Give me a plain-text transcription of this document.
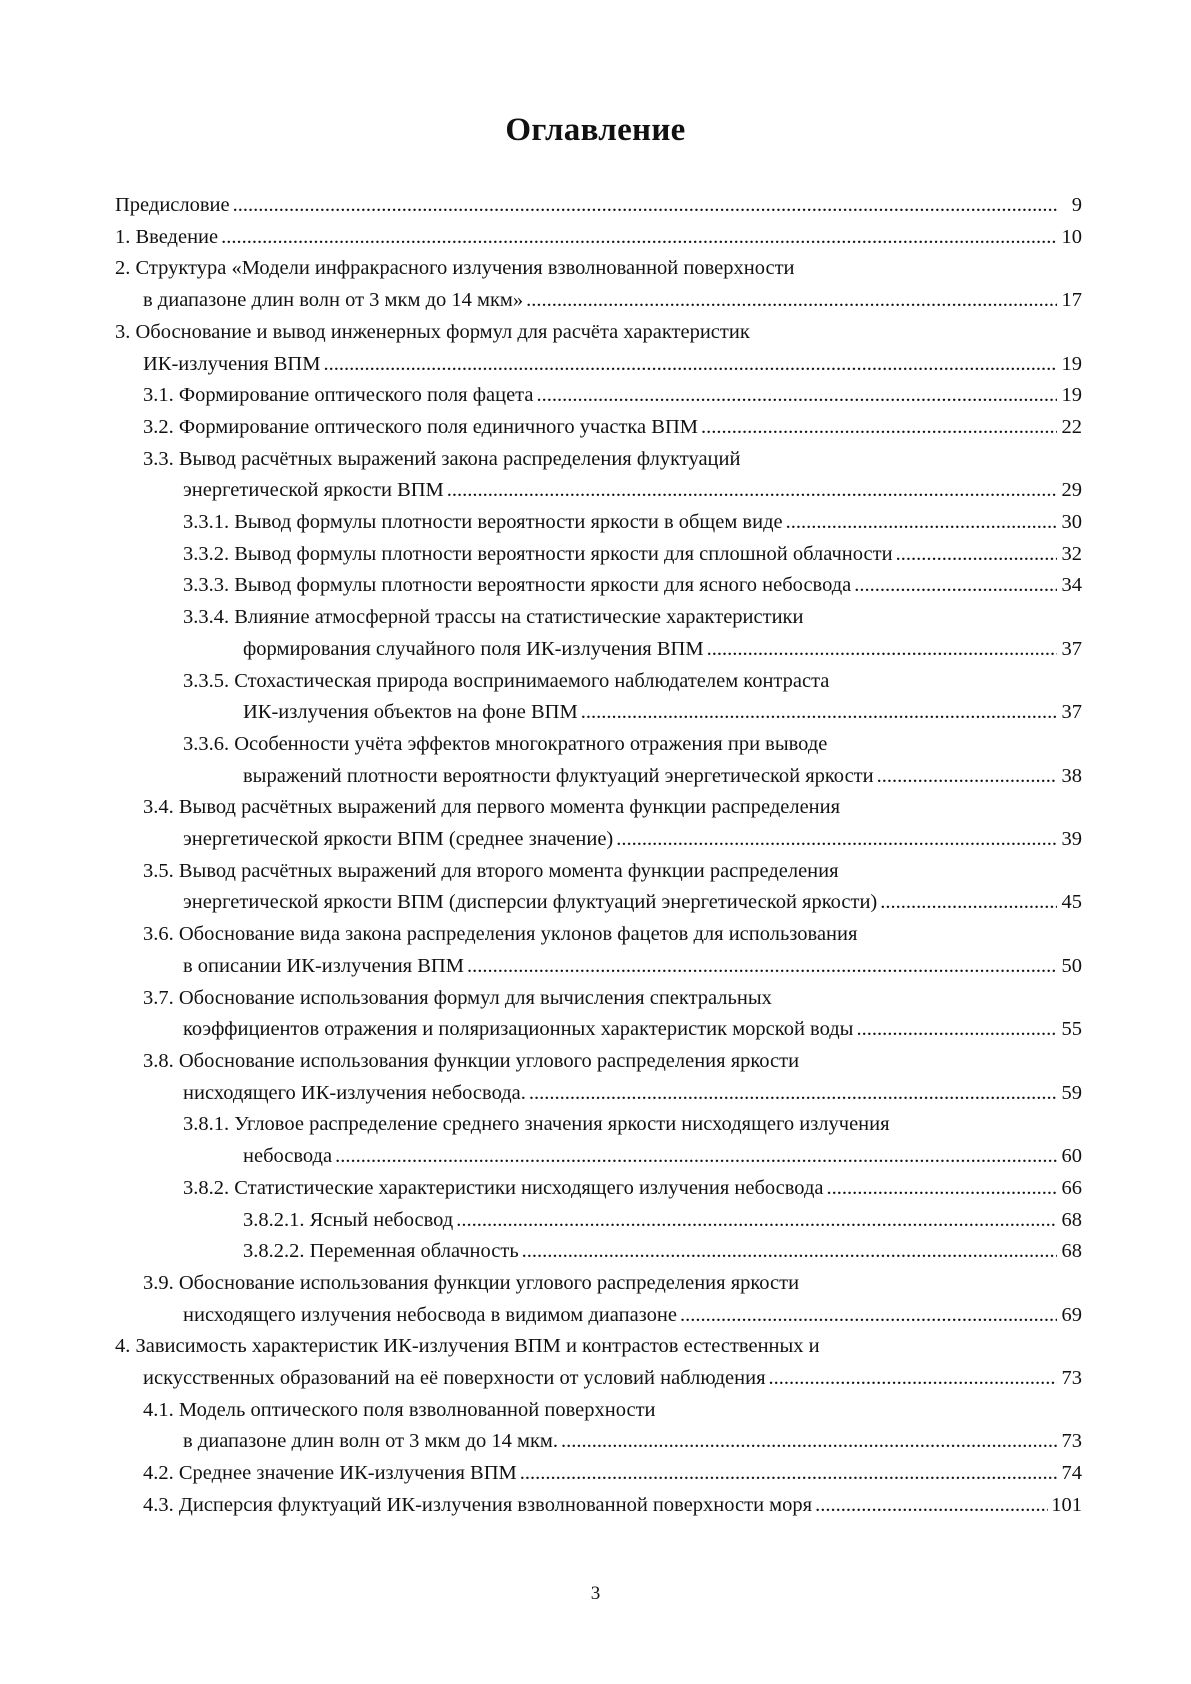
Оглавление
Предисловие .....	9
1. Введение .....	10
2. Структура «Модели инфракрасного излучения взволнованной поверхности
в диапазоне длин волн от 3 мкм до 14 мкм» .....	17
3. Обоснование и вывод инженерных формул для расчёта характеристик
ИК-излучения ВПМ .....	19
3.1. Формирование оптического поля фацета .....	19
3.2. Формирование оптического поля единичного участка ВПМ .....	22
3.3. Вывод расчётных выражений закона распределения флуктуаций
энергетической яркости ВПМ .....	29
3.3.1. Вывод формулы плотности вероятности яркости в общем виде .....	30
3.3.2. Вывод формулы плотности вероятности яркости для сплошной облачности .....	32
3.3.3. Вывод формулы плотности вероятности яркости для ясного небосвода .....	34
3.3.4. Влияние атмосферной трассы на статистические характеристики
формирования случайного поля ИК-излучения ВПМ .....	37
3.3.5. Стохастическая природа воспринимаемого наблюдателем контраста
ИК-излучения объектов на фоне ВПМ .....	37
3.3.6. Особенности учёта эффектов многократного отражения при выводе
выражений плотности вероятности флуктуаций энергетической яркости .....	38
3.4. Вывод расчётных выражений для первого момента функции распределения
энергетической яркости ВПМ (среднее значение) .....	39
3.5. Вывод расчётных выражений для второго момента функции распределения
энергетической яркости ВПМ (дисперсии флуктуаций энергетической яркости) .....	45
3.6. Обоснование вида закона распределения уклонов фацетов для использования
в описании ИК-излучения ВПМ .....	50
3.7. Обоснование использования формул для вычисления спектральных
коэффициентов отражения и поляризационных характеристик морской воды .....	55
3.8. Обоснование использования функции углового распределения яркости
нисходящего ИК-излучения небосвода. .....	59
3.8.1. Угловое распределение среднего значения яркости нисходящего излучения
небосвода .....	60
3.8.2. Статистические характеристики нисходящего излучения небосвода .....	66
3.8.2.1. Ясный небосвод .....	68
3.8.2.2. Переменная облачность .....	68
3.9. Обоснование использования функции углового распределения яркости
нисходящего излучения небосвода в видимом диапазоне .....	69
4. Зависимость характеристик ИК-излучения ВПМ и контрастов естественных и
искусственных образований на её поверхности от условий наблюдения .....	73
4.1. Модель оптического поля взволнованной поверхности
в диапазоне длин волн от 3 мкм до 14 мкм. .....	73
4.2. Среднее значение ИК-излучения ВПМ .....	74
4.3. Дисперсия флуктуаций ИК-излучения взволнованной поверхности моря .....	101
3
